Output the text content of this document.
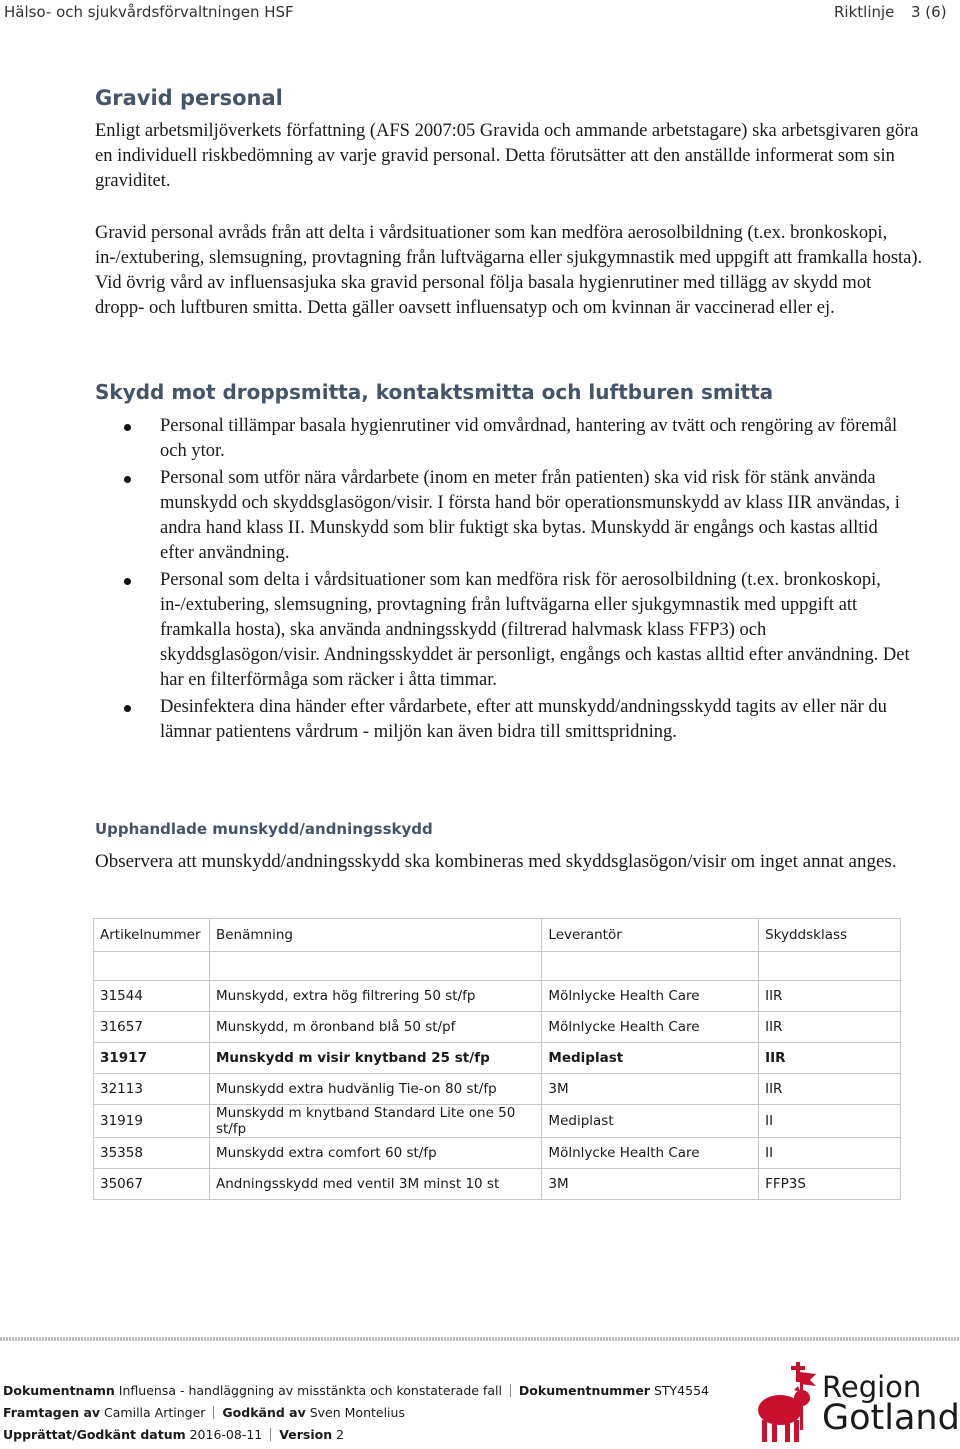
Hälso- och sjukvårdsförvaltningen HSF	Riktlinje 3 (6)
Gravid personal

Enligt arbetsmiljöverkets författning (AFS 2007:05 Gravida och ammande arbetstagare) ska arbetsgivaren göra en individuell riskbedömning av varje gravid personal. Detta förutsätter att den anställde informerat som sin graviditet.

Gravid personal avråds från att delta i vårdsituationer som kan medföra aerosolbildning (t.ex. bronkoskopi, in-/extubering, slemsugning, provtagning från luftvägarna eller sjukgymnastik med uppgift att framkalla hosta). Vid övrig vård av influensasjuka ska gravid personal följa basala hygienrutiner med tillägg av skydd mot dropp- och luftburen smitta. Detta gäller oavsett influensatyp och om kvinnan är vaccinerad eller ej.

Skydd mot droppsmitta, kontaktsmitta och luftburen smitta
Personal tillämpar basala hygienrutiner vid omvårdnad, hantering av tvätt och rengöring av föremål och ytor.
Personal som utför nära vårdarbete (inom en meter från patienten) ska vid risk för stänk använda munskydd och skyddsglasögon/visir. I första hand bör operationsmunskydd av klass IIR användas, i andra hand klass II. Munskydd som blir fuktigt ska bytas. Munskydd är engångs och kastas alltid efter användning.
Personal som delta i vårdsituationer som kan medföra risk för aerosolbildning (t.ex. bronkoskopi, in-/extubering, slemsugning, provtagning från luftvägarna eller sjukgymnastik med uppgift att framkalla hosta), ska använda andningsskydd (filtrerad halvmask klass FFP3) och skyddsglasögon/visir. Andningsskyddet är personligt, engångs och kastas alltid efter användning. Det har en filterförmåga som räcker i åtta timmar.
Desinfektera dina händer efter vårdarbete, efter att munskydd/andningsskydd tagits av eller när du lämnar patientens vårdrum - miljön kan även bidra till smittspridning.
Upphandlade munskydd/andningsskydd

Observera att munskydd/andningsskydd ska kombineras med skyddsglasögon/visir om inget annat anges.

Artikelnummer	Benämning	Leverantör	Skyddsklass

31544	Munskydd, extra hög filtrering 50 st/fp	Mölnlycke Health Care	IIR
31657	Munskydd, m öronband blå 50 st/pf	Mölnlycke Health Care	IIR
31917	Munskydd m visir knytband 25 st/fp	Mediplast	IIR
32113	Munskydd extra hudvänlig Tie-on 80 st/fp	3M	IIR
31919	Munskydd m knytband Standard Lite one 50 st/fp	Mediplast	II
35358	Munskydd extra comfort 60 st/fp	Mölnlycke Health Care	II
35067	Andningsskydd med ventil 3M minst 10 st	3M	FFP3S
Dokumentnamn Influensa - handläggning av misstänkta och konstaterade fall Dokumentnummer STY4554
Framtagen av Camilla Artinger Godkänd av Sven Montelius
Upprättat/Godkänt datum 2016-08-11 Version 2
Region
Gotland
